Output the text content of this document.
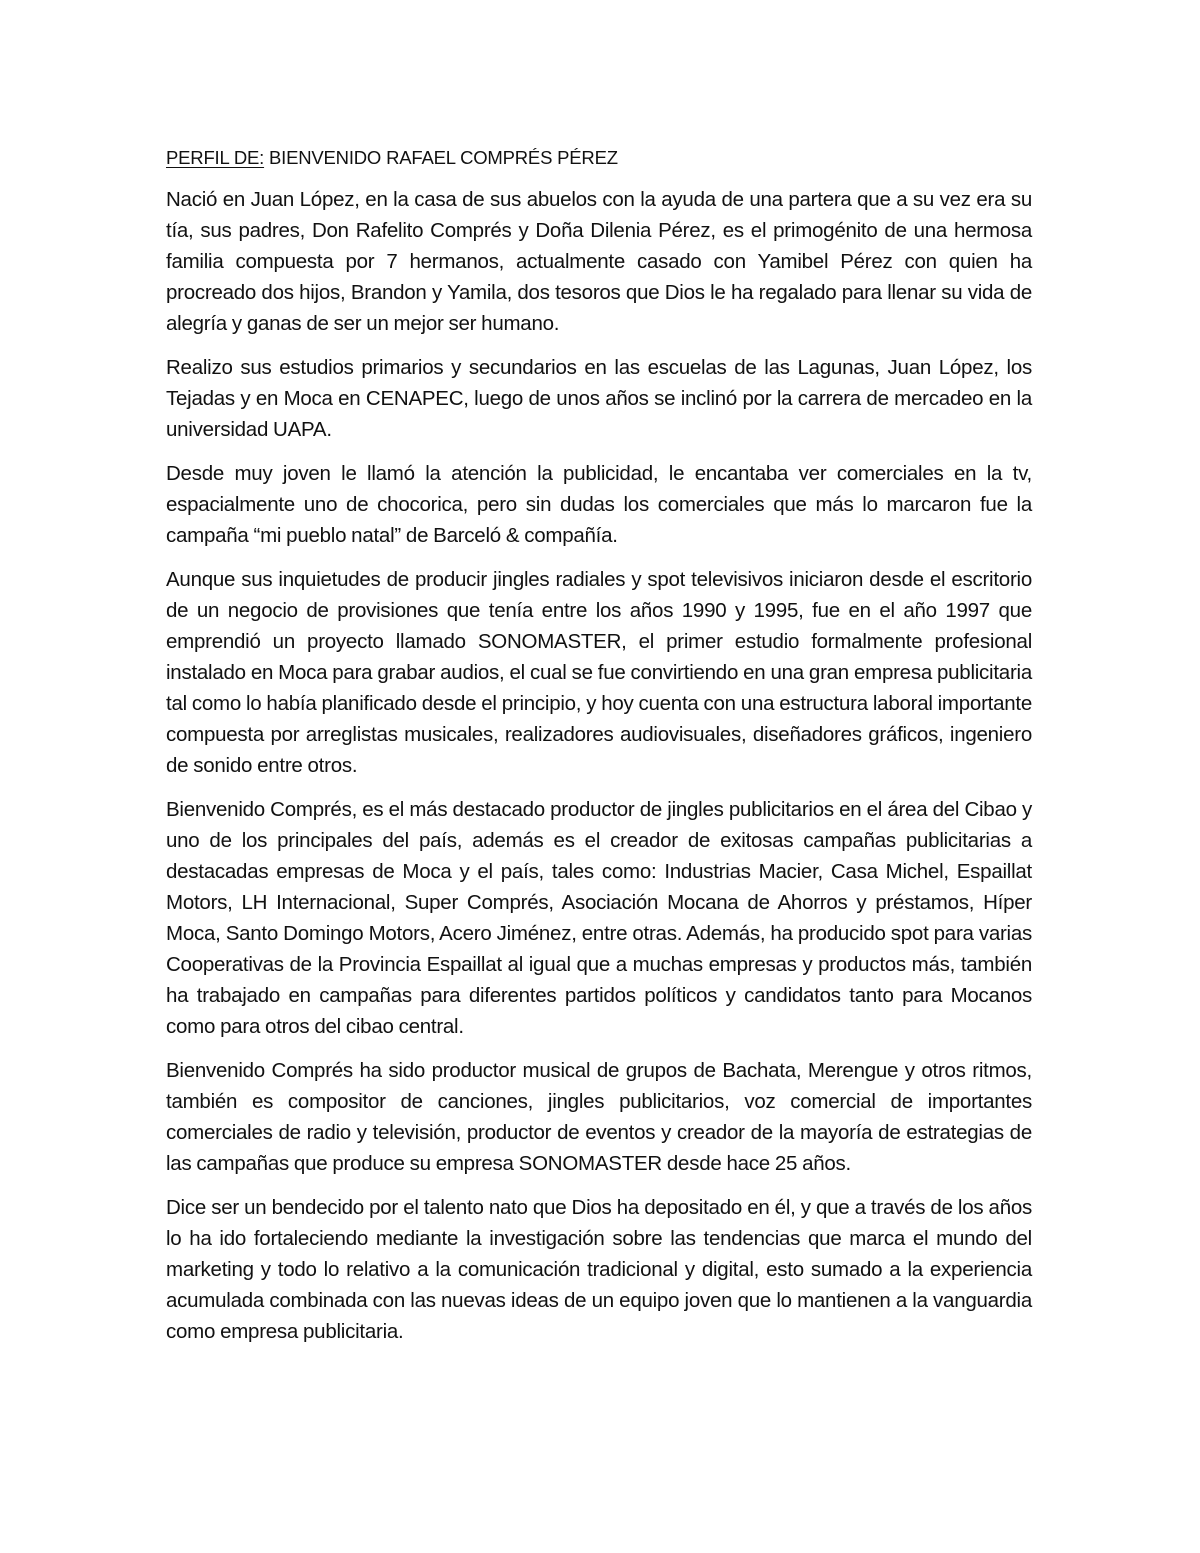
PERFIL DE: BIENVENIDO RAFAEL COMPRÉS PÉREZ

Nació en Juan López, en la casa de sus abuelos con la ayuda de una partera que a su vez era su tía, sus padres, Don Rafelito Comprés y Doña Dilenia Pérez, es el primogénito de una hermosa familia compuesta por 7 hermanos, actualmente casado con Yamibel Pérez con quien ha procreado dos hijos, Brandon y Yamila, dos tesoros que Dios le ha regalado para llenar su vida de alegría y ganas de ser un mejor ser humano.

Realizo sus estudios primarios y secundarios en las escuelas de las Lagunas, Juan López, los Tejadas y en Moca en CENAPEC, luego de unos años se inclinó por la carrera de mercadeo en la universidad UAPA.

Desde muy joven le llamó la atención la publicidad, le encantaba ver comerciales en la tv, espacialmente uno de chocorica, pero sin dudas los comerciales que más lo marcaron fue la campaña “mi pueblo natal” de Barceló & compañía.

Aunque sus inquietudes de producir jingles radiales y spot televisivos iniciaron desde el escritorio de un negocio de provisiones que tenía entre los años 1990 y 1995, fue en el año 1997 que emprendió un proyecto llamado SONOMASTER, el primer estudio formalmente profesional instalado en Moca para grabar audios, el cual se fue convirtiendo en una gran empresa publicitaria tal como lo había planificado desde el principio, y hoy cuenta con una estructura laboral importante compuesta por arreglistas musicales, realizadores audiovisuales, diseñadores gráficos, ingeniero de sonido entre otros.

Bienvenido Comprés, es el más destacado productor de jingles publicitarios en el área del Cibao y uno de los principales del país, además es el creador de exitosas campañas publicitarias a destacadas empresas de Moca y el país, tales como: Industrias Macier, Casa Michel, Espaillat Motors, LH Internacional, Super Comprés, Asociación Mocana de Ahorros y préstamos, Híper Moca, Santo Domingo Motors, Acero Jiménez, entre otras. Además, ha producido spot para varias Cooperativas de la Provincia Espaillat al igual que a muchas empresas y productos más, también ha trabajado en campañas para diferentes partidos políticos y candidatos tanto para Mocanos como para otros del cibao central.

Bienvenido Comprés ha sido productor musical de grupos de Bachata, Merengue y otros ritmos, también es compositor de canciones, jingles publicitarios, voz comercial de importantes comerciales de radio y televisión, productor de eventos y creador de la mayoría de estrategias de las campañas que produce su empresa SONOMASTER desde hace 25 años.

Dice ser un bendecido por el talento nato que Dios ha depositado en él, y que a través de los años lo ha ido fortaleciendo mediante la investigación sobre las tendencias que marca el mundo del marketing y todo lo relativo a la comunicación tradicional y digital, esto sumado a la experiencia acumulada combinada con las nuevas ideas de un equipo joven que lo mantienen a la vanguardia como empresa publicitaria.
